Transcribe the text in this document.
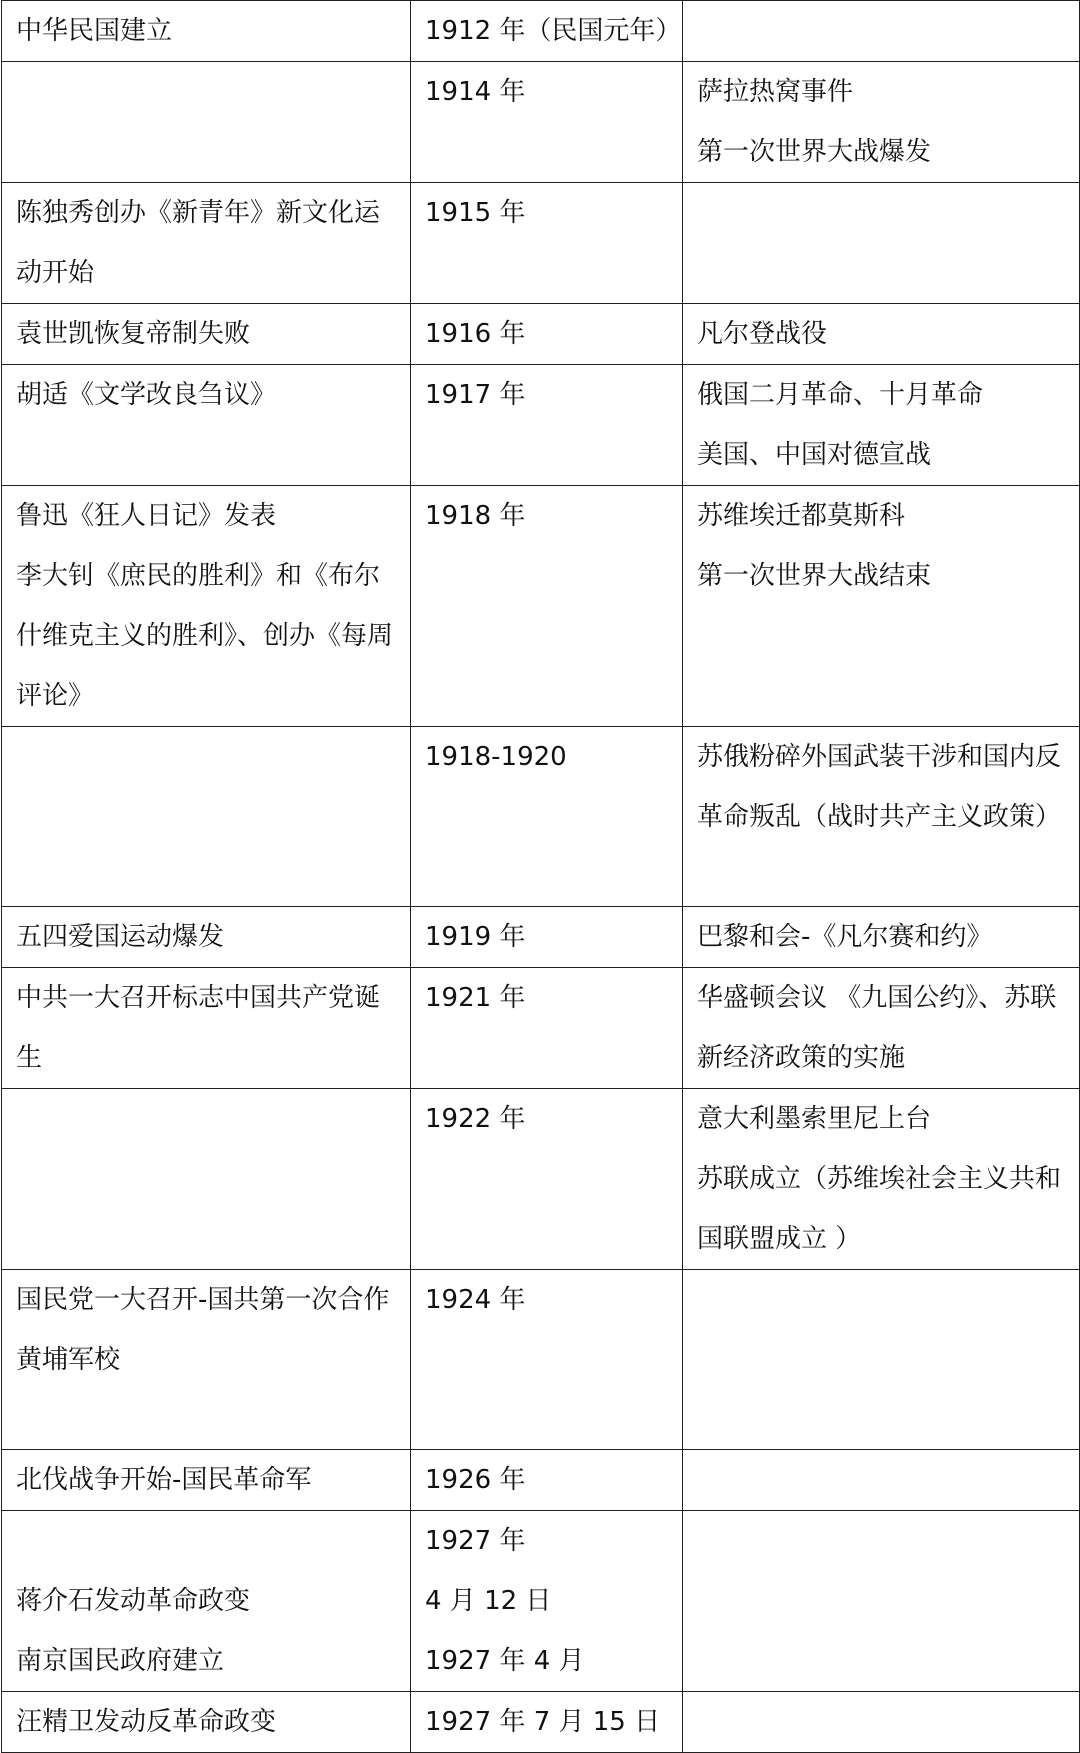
中华民国建立	1912 年（民国元年）	

	1914 年	萨拉热窝事件
第一次世界大战爆发

陈独秀创办《新青年》新文化运动开始	1915 年	

袁世凯恢复帝制失败	1916 年	凡尔登战役

胡适《文学改良刍议》	1917 年	俄国二月革命、十月革命
美国、中国对德宣战

鲁迅《狂人日记》发表
李大钊《庶民的胜利》和《布尔什维克主义的胜利》、创办《每周评论》	1918 年	苏维埃迁都莫斯科
第一次世界大战结束

	1918-1920	苏俄粉碎外国武装干涉和国内反革命叛乱（战时共产主义政策）

五四爱国运动爆发	1919 年	巴黎和会-《凡尔赛和约》

中共一大召开标志中国共产党诞生	1921 年	华盛顿会议 《九国公约》、苏联新经济政策的实施

	1922 年	意大利墨索里尼上台
苏联成立（苏维埃社会主义共和国联盟成立 ）
国民党一大召开-国共第一次合作
黄埔军校	1924 年	

北伐战争开始-国民革命军	1926 年	

蒋介石发动革命政变
南京国民政府建立	1927 年
4 月 12 日
1927 年 4 月	

汪精卫发动反革命政变	1927 年 7 月 15 日	
